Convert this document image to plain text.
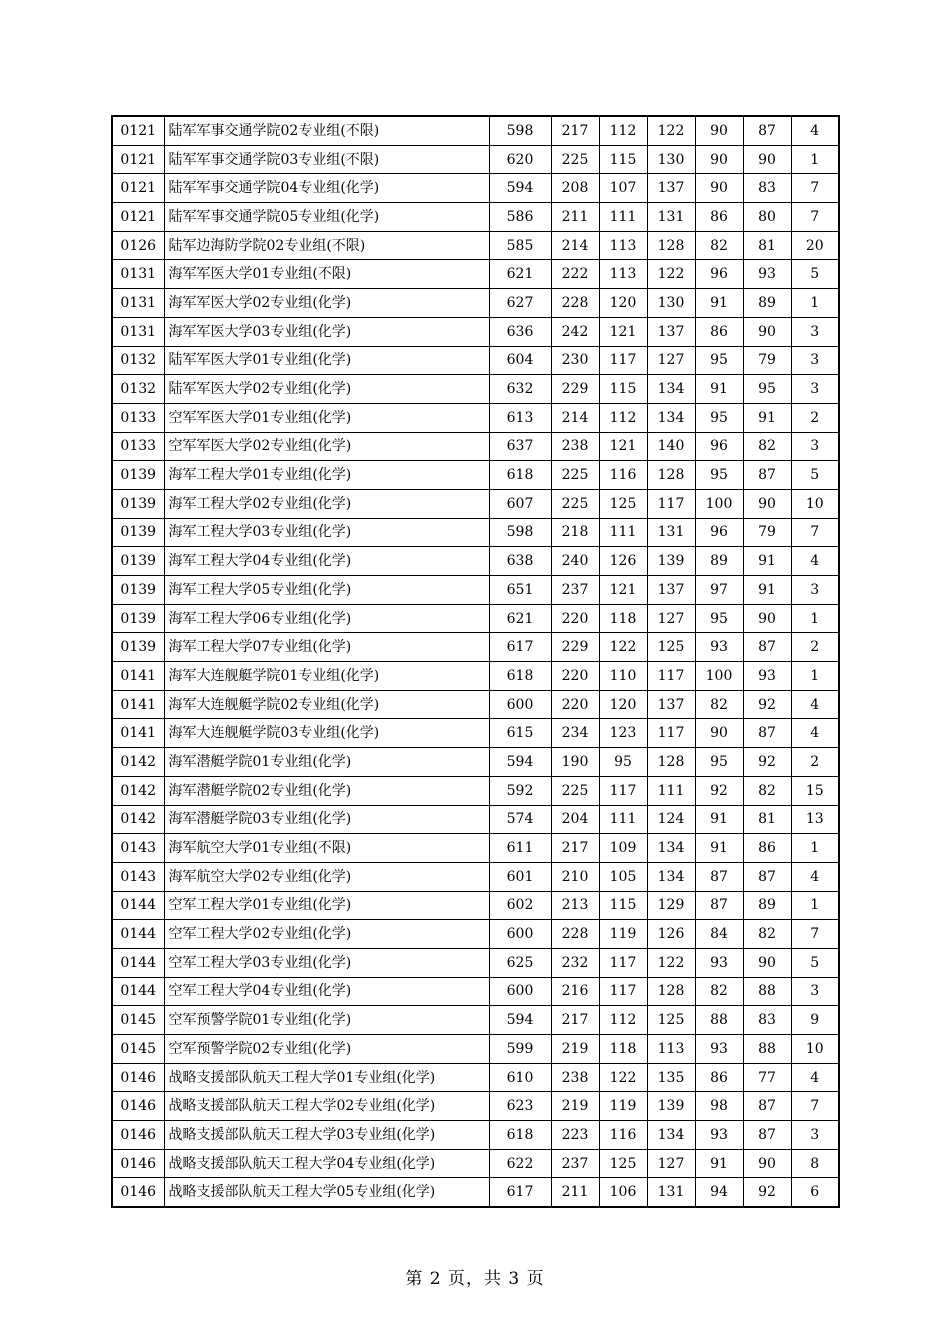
0121	陆军军事交通学院02专业组(不限)	598	217	112	122	90	87	4
0121	陆军军事交通学院03专业组(不限)	620	225	115	130	90	90	1
0121	陆军军事交通学院04专业组(化学)	594	208	107	137	90	83	7
0121	陆军军事交通学院05专业组(化学)	586	211	111	131	86	80	7
0126	陆军边海防学院02专业组(不限)	585	214	113	128	82	81	20
0131	海军军医大学01专业组(不限)	621	222	113	122	96	93	5
0131	海军军医大学02专业组(化学)	627	228	120	130	91	89	1
0131	海军军医大学03专业组(化学)	636	242	121	137	86	90	3
0132	陆军军医大学01专业组(化学)	604	230	117	127	95	79	3
0132	陆军军医大学02专业组(化学)	632	229	115	134	91	95	3
0133	空军军医大学01专业组(化学)	613	214	112	134	95	91	2
0133	空军军医大学02专业组(化学)	637	238	121	140	96	82	3
0139	海军工程大学01专业组(化学)	618	225	116	128	95	87	5
0139	海军工程大学02专业组(化学)	607	225	125	117	100	90	10
0139	海军工程大学03专业组(化学)	598	218	111	131	96	79	7
0139	海军工程大学04专业组(化学)	638	240	126	139	89	91	4
0139	海军工程大学05专业组(化学)	651	237	121	137	97	91	3
0139	海军工程大学06专业组(化学)	621	220	118	127	95	90	1
0139	海军工程大学07专业组(化学)	617	229	122	125	93	87	2
0141	海军大连舰艇学院01专业组(化学)	618	220	110	117	100	93	1
0141	海军大连舰艇学院02专业组(化学)	600	220	120	137	82	92	4
0141	海军大连舰艇学院03专业组(化学)	615	234	123	117	90	87	4
0142	海军潜艇学院01专业组(化学)	594	190	95	128	95	92	2
0142	海军潜艇学院02专业组(化学)	592	225	117	111	92	82	15
0142	海军潜艇学院03专业组(化学)	574	204	111	124	91	81	13
0143	海军航空大学01专业组(不限)	611	217	109	134	91	86	1
0143	海军航空大学02专业组(化学)	601	210	105	134	87	87	4
0144	空军工程大学01专业组(化学)	602	213	115	129	87	89	1
0144	空军工程大学02专业组(化学)	600	228	119	126	84	82	7
0144	空军工程大学03专业组(化学)	625	232	117	122	93	90	5
0144	空军工程大学04专业组(化学)	600	216	117	128	82	88	3
0145	空军预警学院01专业组(化学)	594	217	112	125	88	83	9
0145	空军预警学院02专业组(化学)	599	219	118	113	93	88	10
0146	战略支援部队航天工程大学01专业组(化学)	610	238	122	135	86	77	4
0146	战略支援部队航天工程大学02专业组(化学)	623	219	119	139	98	87	7
0146	战略支援部队航天工程大学03专业组(化学)	618	223	116	134	93	87	3
0146	战略支援部队航天工程大学04专业组(化学)	622	237	125	127	91	90	8
0146	战略支援部队航天工程大学05专业组(化学)	617	211	106	131	94	92	6
第 2 页，共 3 页
